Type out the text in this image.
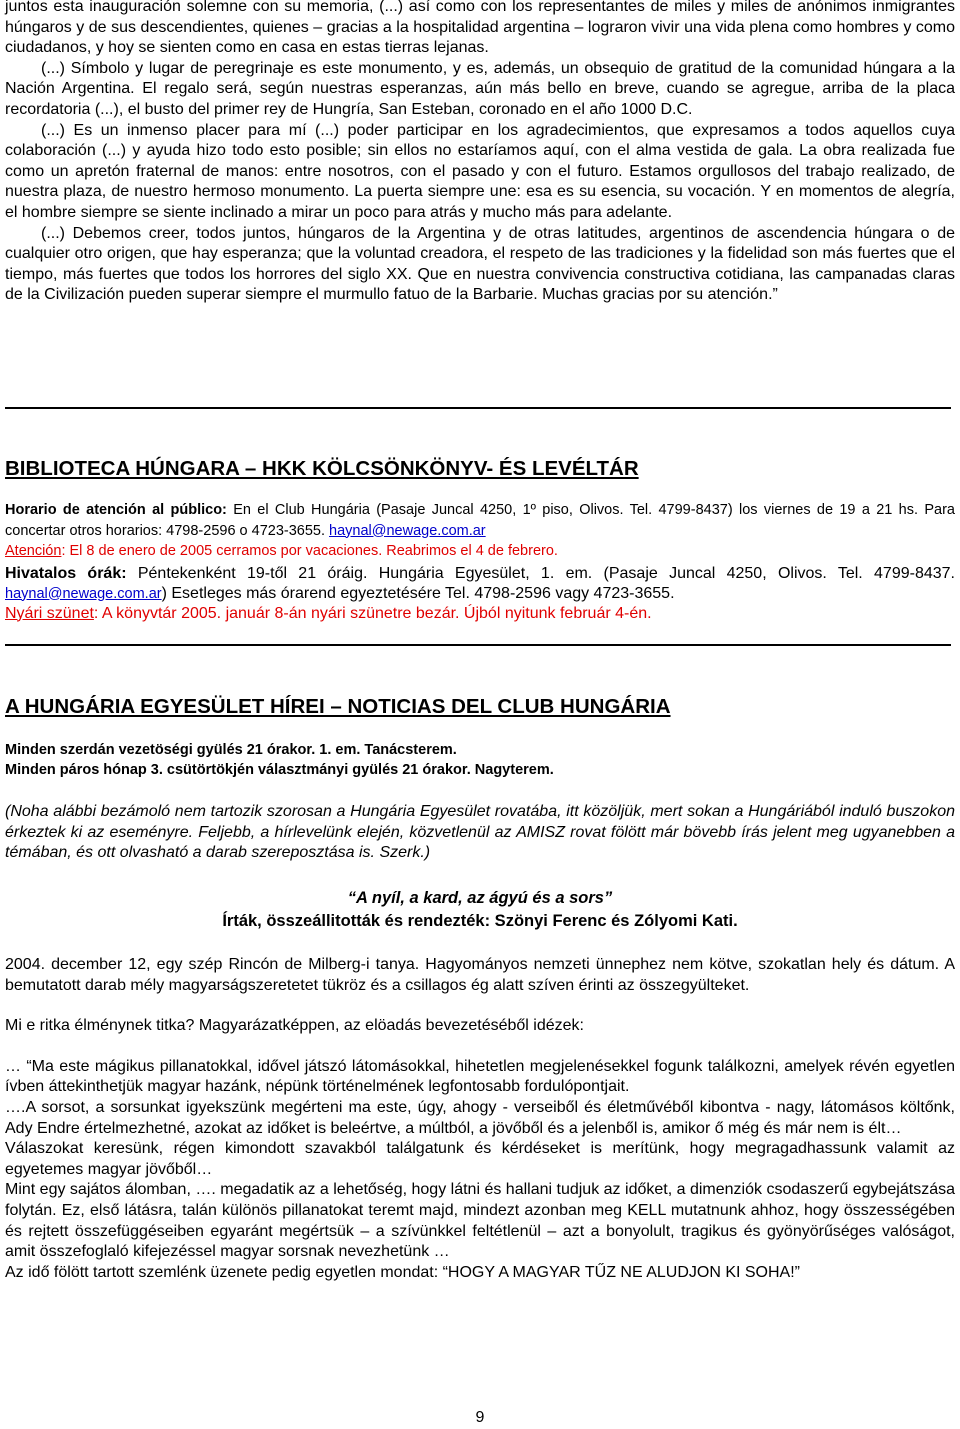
juntos esta inauguración solemne con su memoria, (...) así como con los representantes de miles y miles de anónimos inmigrantes húngaros y de sus descendientes, quienes – gracias a la hospitalidad argentina – lograron vivir una vida plena como hombres y como ciudadanos, y hoy se sienten como en casa en estas tierras lejanas.

(...) Símbolo y lugar de peregrinaje es este monumento, y es, además, un obsequio de gratitud de la comunidad húngara a la Nación Argentina. El regalo será, según nuestras esperanzas, aún más bello en breve, cuando se agregue, arriba de la placa recordatoria (...), el busto del primer rey de Hungría, San Esteban, coronado en el año 1000 D.C.

(...) Es un inmenso placer para mí (...) poder participar en los agradecimientos, que expresamos a todos aquellos cuya colaboración (...) y ayuda hizo todo esto posible; sin ellos no estaríamos aquí, con el alma vestida de gala. La obra realizada fue como un apretón fraternal de manos: entre nosotros, con el pasado y con el futuro. Estamos orgullosos del trabajo realizado, de nuestra plaza, de nuestro hermoso monumento. La puerta siempre une: esa es su esencia, su vocación. Y en momentos de alegría, el hombre siempre se siente inclinado a mirar un poco para atrás y mucho más para adelante.

(...) Debemos creer, todos juntos, húngaros de la Argentina y de otras latitudes, argentinos de ascendencia húngara o de cualquier otro origen, que hay esperanza; que la voluntad creadora, el respeto de las tradiciones y la fidelidad son más fuertes que el tiempo, más fuertes que todos los horrores del siglo XX. Que en nuestra convivencia constructiva cotidiana, las campanadas claras de la Civilización pueden superar siempre el murmullo fatuo de la Barbarie. Muchas gracias por su atención.”

BIBLIOTECA HÚNGARA – HKK KÖLCSÖNKÖNYV- ÉS LEVÉLTÁR

Horario de atención al público: En el Club Hungária (Pasaje Juncal 4250, 1º piso, Olivos. Tel. 4799-8437) los viernes de 19 a 21 hs. Para concertar otros horarios: 4798-2596 o 4723-3655. haynal@newage.com.ar

Atención: El 8 de enero de 2005 cerramos por vacaciones. Reabrimos el 4 de febrero.

Hivatalos órák: Péntekenként 19-től 21 óráig. Hungária Egyesület, 1. em. (Pasaje Juncal 4250, Olivos. Tel. 4799-8437. haynal@newage.com.ar) Esetleges más órarend egyeztetésére Tel. 4798-2596 vagy 4723-3655.

Nyári szünet: A könyvtár 2005. január 8-án nyári szünetre bezár. Újból nyitunk február 4-én.

A HUNGÁRIA EGYESÜLET HÍREI – NOTICIAS DEL CLUB HUNGÁRIA

Minden szerdán vezetöségi gyülés 21 órakor. 1. em. Tanácsterem.

Minden páros hónap 3. csütörtökjén választmányi gyülés 21 órakor. Nagyterem.

(Noha alábbi bezámoló nem tartozik szorosan a Hungária Egyesület rovatába, itt közöljük, mert sokan a Hungáriából induló buszokon érkeztek ki az eseményre. Feljebb, a hírlevelünk elején, közvetlenül az AMISZ rovat fölött már bövebb írás jelent meg ugyanebben a témában, és ott olvasható a darab szereposztása is. Szerk.)

“A nyíl, a kard, az ágyú és a sors”

Írták, összeállitották és rendezték: Szönyi Ferenc és Zólyomi Kati.

2004. december 12, egy szép Rincón de Milberg-i tanya. Hagyományos nemzeti ünnephez nem kötve, szokatlan hely és dátum. A bemutatott darab mély magyarságszeretetet tükröz és a csillagos ég alatt szíven érinti az összegyülteket.

Mi e ritka élménynek titka? Magyarázatképpen, az elöadás bevezetéséből idézek:

… “Ma este mágikus pillanatokkal, idővel játszó látomásokkal, hihetetlen megjelenésekkel fogunk találkozni, amelyek révén egyetlen ívben áttekinthetjük magyar hazánk, népünk történelmének legfontosabb fordulópontjait.

….A sorsot, a sorsunkat igyekszünk megérteni ma este, úgy, ahogy - verseiből és életművéből kibontva - nagy, látomásos költőnk, Ady Endre értelmezhetné, azokat az időket is beleértve, a múltból, a jövőből és a jelenből is, amikor ő még és már nem is élt…

Válaszokat keresünk, régen kimondott szavakból találgatunk és kérdéseket is merítünk, hogy megragadhassunk valamit az egyetemes magyar jövőből…

Mint egy sajátos álomban, …. megadatik az a lehetőség, hogy látni és hallani tudjuk az időket, a dimenziók csodaszerű egybejátszása folytán. Ez, első látásra, talán különös pillanatokat teremt majd, mindezt azonban meg KELL mutatnunk ahhoz, hogy összességében és rejtett összefüggéseiben egyaránt megértsük – a szívünkkel feltétlenül – azt a bonyolult, tragikus és gyönyörűséges valóságot, amit összefoglaló kifejezéssel magyar sorsnak nevezhetünk …

Az idő fölött tartott szemlénk üzenete pedig egyetlen mondat: “HOGY A MAGYAR TŰZ NE ALUDJON KI SOHA!”

9
